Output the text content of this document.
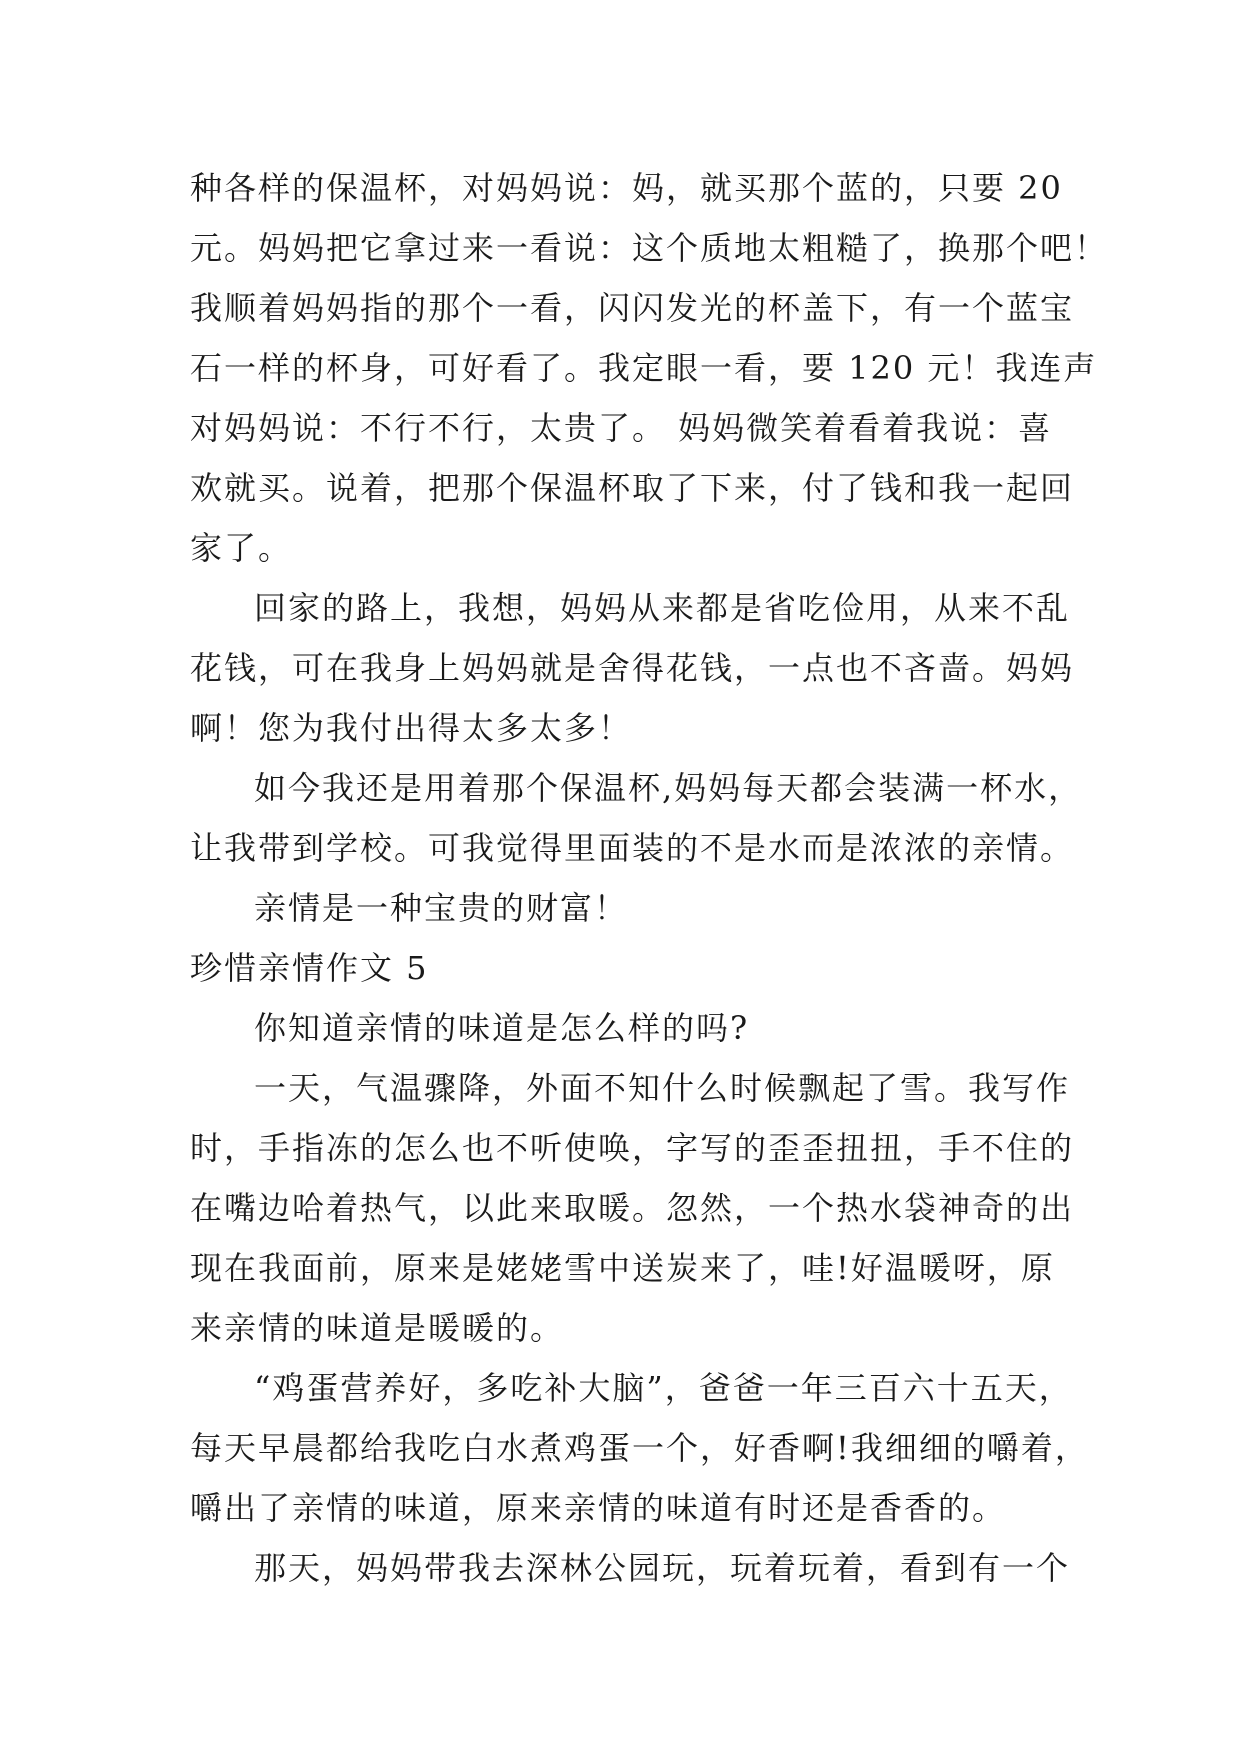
种各样的保温杯，对妈妈说：妈，就买那个蓝的，只要 20
元。妈妈把它拿过来一看说：这个质地太粗糙了，换那个吧！
我顺着妈妈指的那个一看，闪闪发光的杯盖下，有一个蓝宝
石一样的杯身，可好看了。我定眼一看，要 120 元！我连声
对妈妈说：不行不行，太贵了。 妈妈微笑着看着我说：喜
欢就买。说着，把那个保温杯取了下来，付了钱和我一起回
家了。
回家的路上，我想，妈妈从来都是省吃俭用，从来不乱
花钱，可在我身上妈妈就是舍得花钱，一点也不吝啬。妈妈
啊！您为我付出得太多太多！
如今我还是用着那个保温杯,妈妈每天都会装满一杯水，
让我带到学校。可我觉得里面装的不是水而是浓浓的亲情。
亲情是一种宝贵的财富！
珍惜亲情作文 5
你知道亲情的味道是怎么样的吗?
一天，气温骤降，外面不知什么时候飘起了雪。我写作
时，手指冻的怎么也不听使唤，字写的歪歪扭扭，手不住的
在嘴边哈着热气，以此来取暖。忽然，一个热水袋神奇的出
现在我面前，原来是姥姥雪中送炭来了，哇!好温暖呀，原
来亲情的味道是暖暖的。
“鸡蛋营养好，多吃补大脑”，爸爸一年三百六十五天，
每天早晨都给我吃白水煮鸡蛋一个，好香啊!我细细的嚼着，
嚼出了亲情的味道，原来亲情的味道有时还是香香的。
那天，妈妈带我去深林公园玩，玩着玩着，看到有一个
